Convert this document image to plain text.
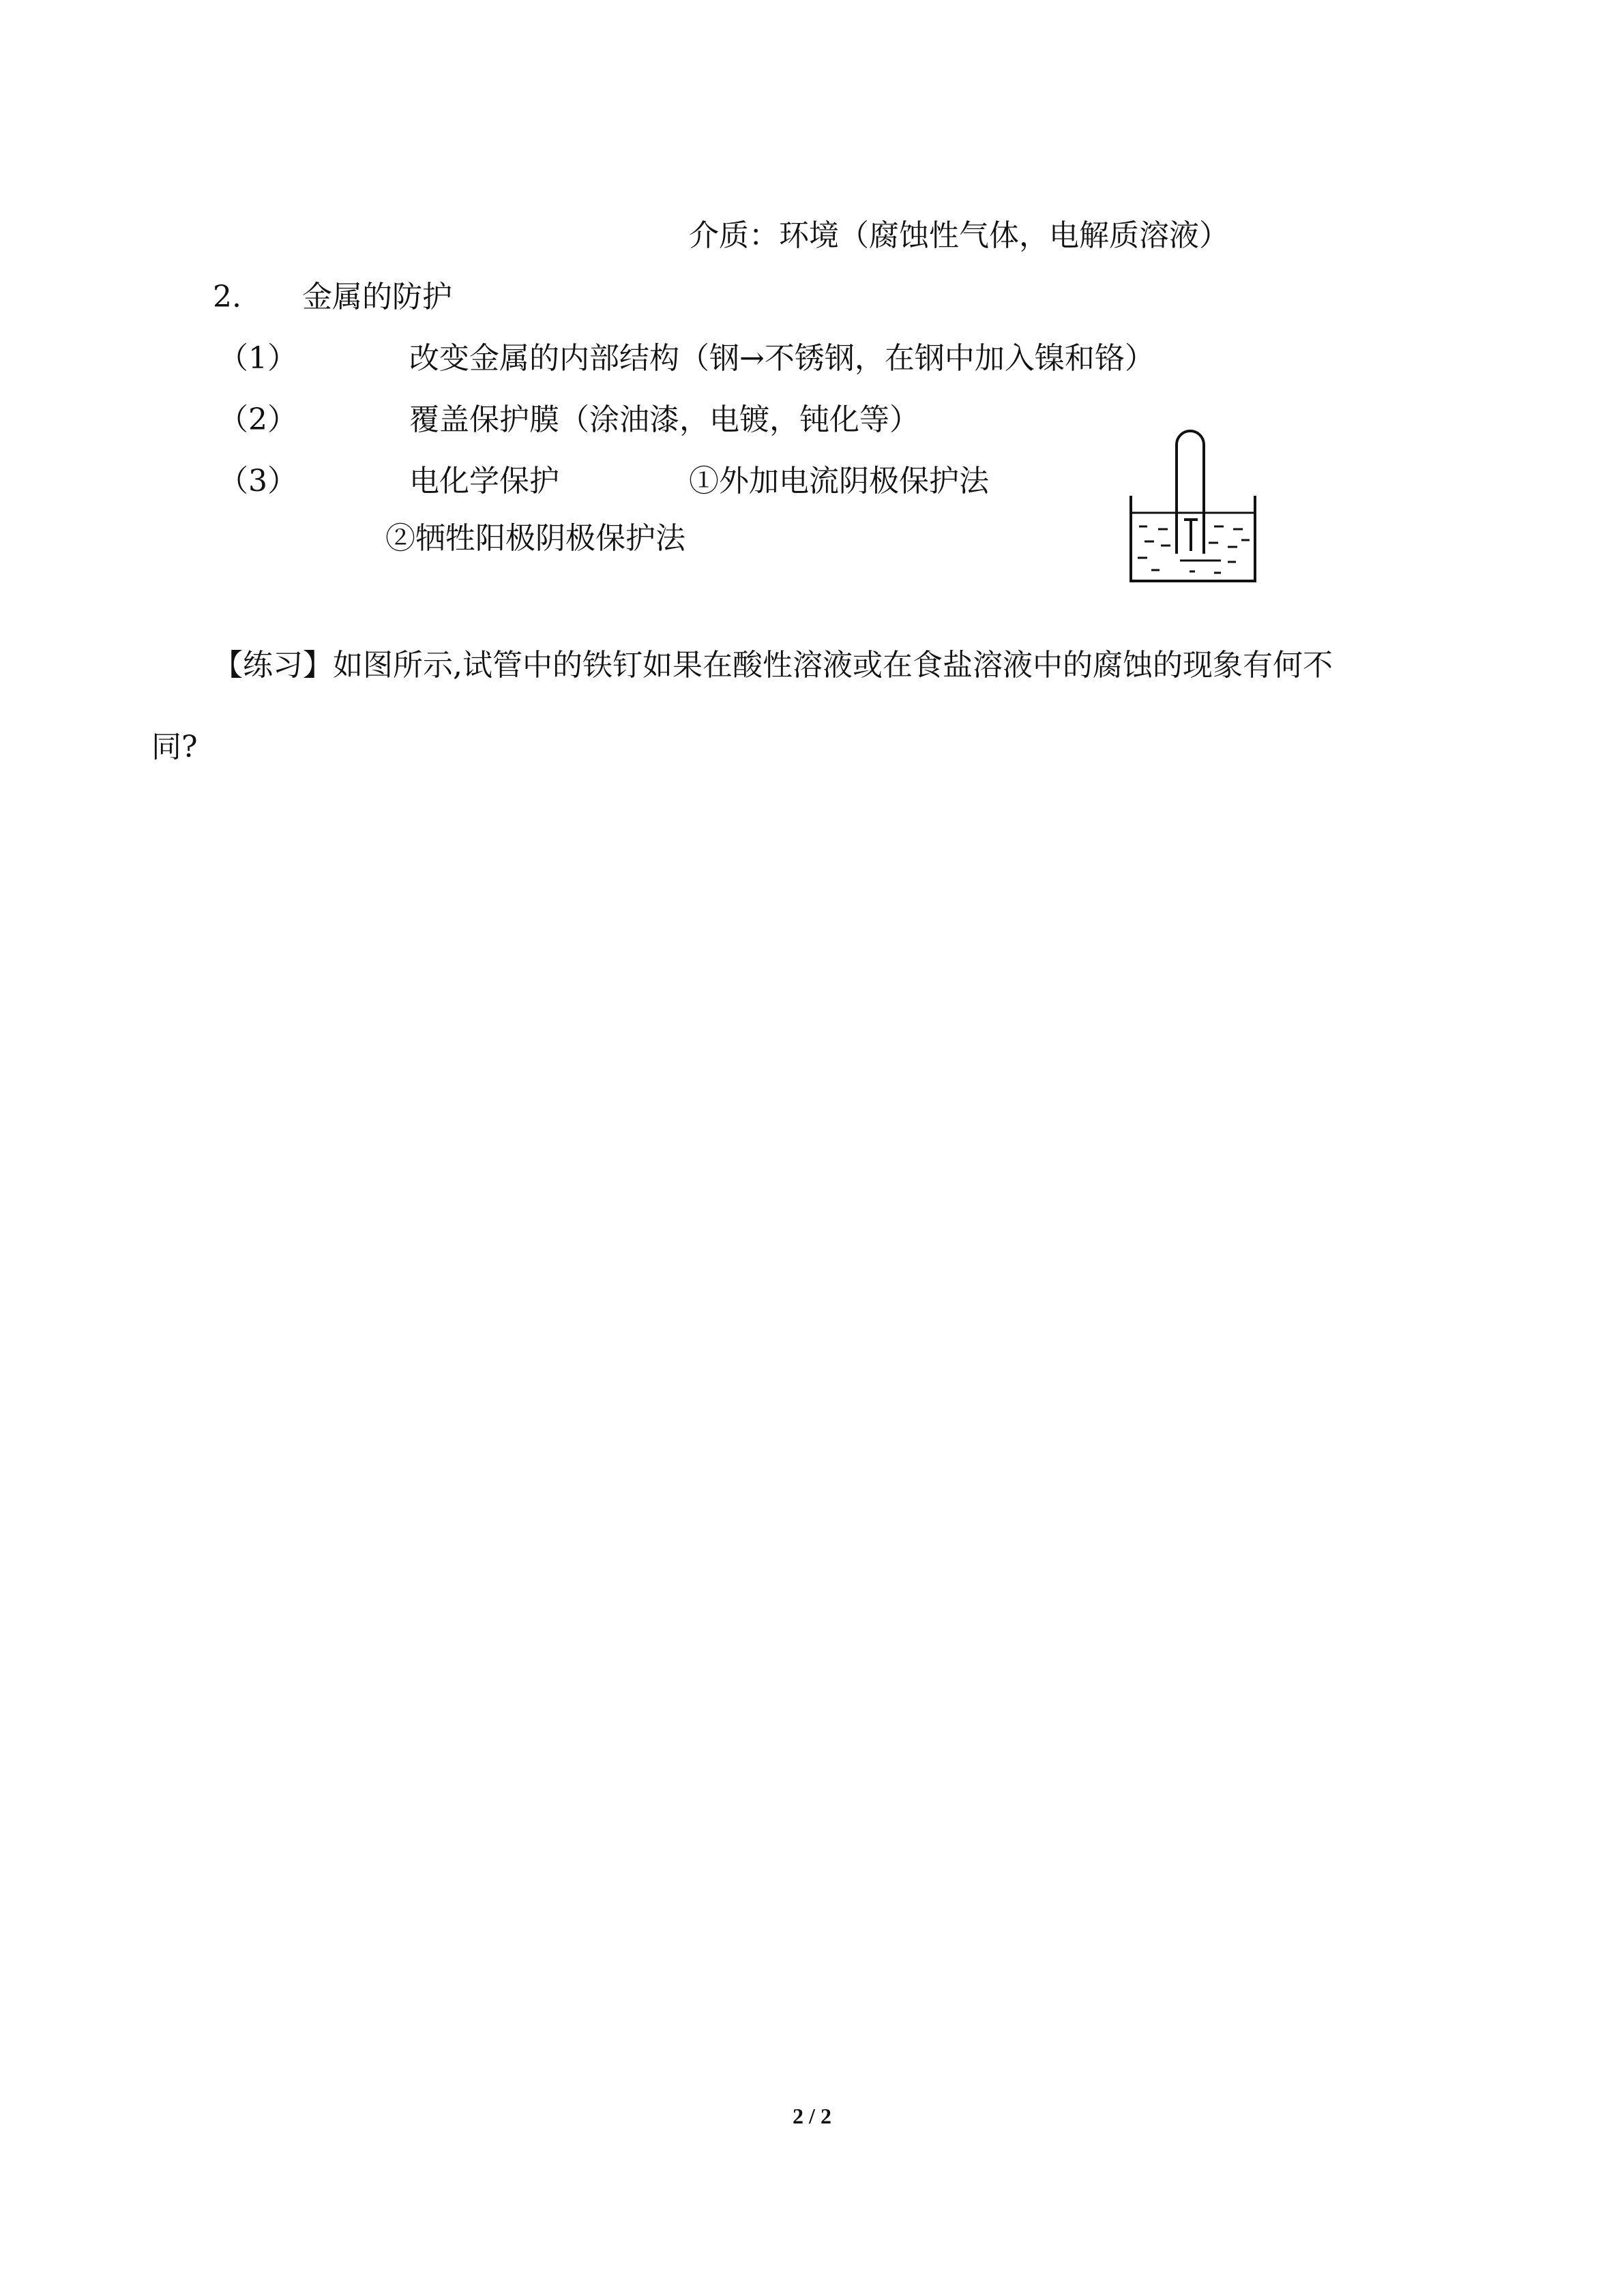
介质：环境（腐蚀性气体，电解质溶液）
2. 金属的防护
（1）	改变金属的内部结构（钢→不锈钢，在钢中加入镍和铬）
（2）	覆盖保护膜（涂油漆，电镀，钝化等）
（3）	电化学保护	①外加电流阴极保护法
②牺牲阳极阴极保护法
【练习】如图所示,试管中的铁钉如果在酸性溶液或在食盐溶液中的腐蚀的现象有何不
同?
2 / 2
